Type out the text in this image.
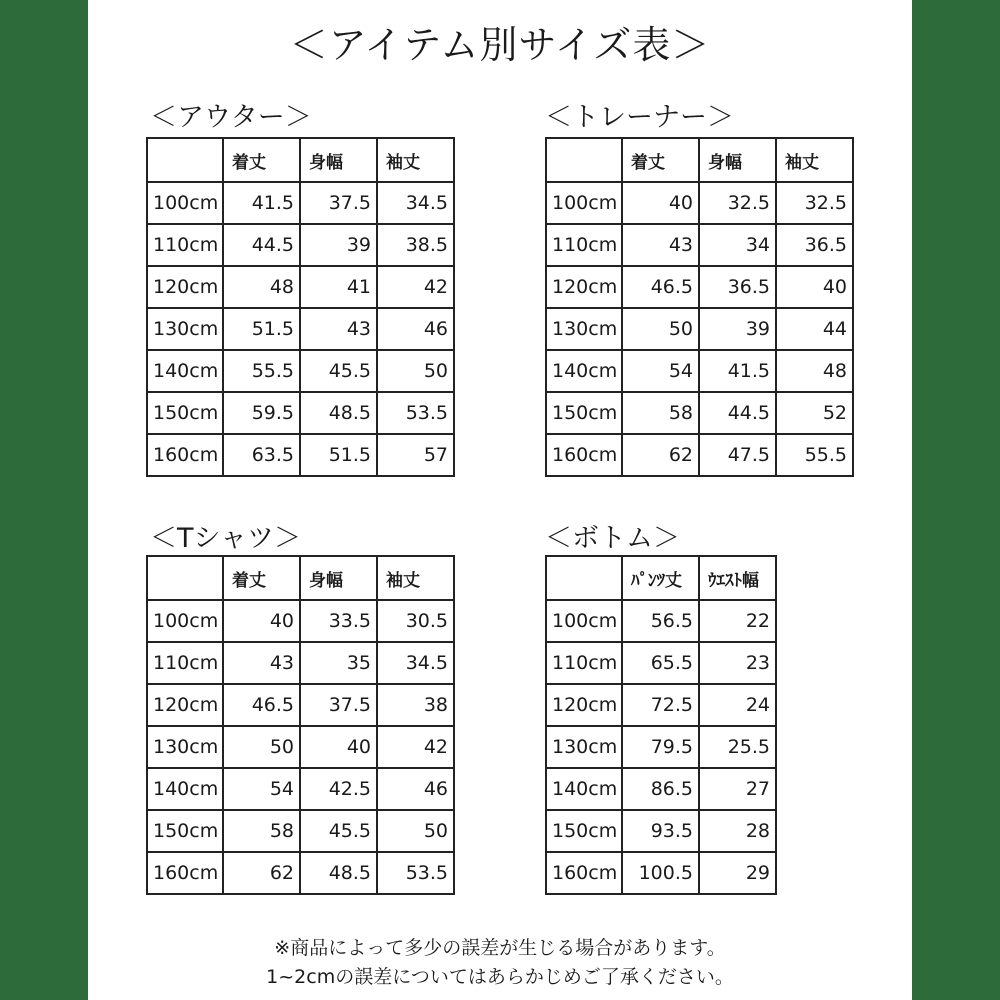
＜アイテム別サイズ表＞
＜アウター＞
	着丈	身幅	袖丈
100cm	41.5	37.5	34.5
110cm	44.5	39	38.5
120cm	48	41	42
130cm	51.5	43	46
140cm	55.5	45.5	50
150cm	59.5	48.5	53.5
160cm	63.5	51.5	57
＜トレーナー＞
	着丈	身幅	袖丈
100cm	40	32.5	32.5
110cm	43	34	36.5
120cm	46.5	36.5	40
130cm	50	39	44
140cm	54	41.5	48
150cm	58	44.5	52
160cm	62	47.5	55.5
＜Tシャツ＞
	着丈	身幅	袖丈
100cm	40	33.5	30.5
110cm	43	35	34.5
120cm	46.5	37.5	38
130cm	50	40	42
140cm	54	42.5	46
150cm	58	45.5	50
160cm	62	48.5	53.5
＜ボトム＞
	ﾊﾟﾝﾂ丈	ｳｴｽﾄ幅
100cm	56.5	22
110cm	65.5	23
120cm	72.5	24
130cm	79.5	25.5
140cm	86.5	27
150cm	93.5	28
160cm	100.5	29
※商品によって多少の誤差が生じる場合があります。
1~2cmの誤差についてはあらかじめご了承ください。
